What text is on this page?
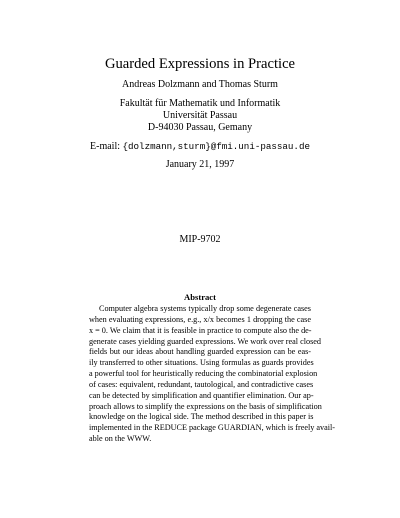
Guarded Expressions in Practice
Andreas Dolzmann and Thomas Sturm
Fakultät für Mathematik und Informatik
Universität Passau
D-94030 Passau, Gemany
E-mail: {dolzmann,sturm}@fmi.uni-passau.de
January 21, 1997
MIP-9702
Abstract
Computer algebra systems typically drop some degenerate cases
when evaluating expressions, e.g., x/x becomes 1 dropping the case
x = 0. We claim that it is feasible in practice to compute also the de-
generate cases yielding guarded expressions. We work over real closed
fields but our ideas about handling guarded expression can be eas-
ily transferred to other situations. Using formulas as guards provides
a powerful tool for heuristically reducing the combinatorial explosion
of cases: equivalent, redundant, tautological, and contradictive cases
can be detected by simplification and quantifier elimination. Our ap-
proach allows to simplify the expressions on the basis of simplification
knowledge on the logical side. The method described in this paper is
implemented in the REDUCE package GUARDIAN, which is freely avail-
able on the WWW.
